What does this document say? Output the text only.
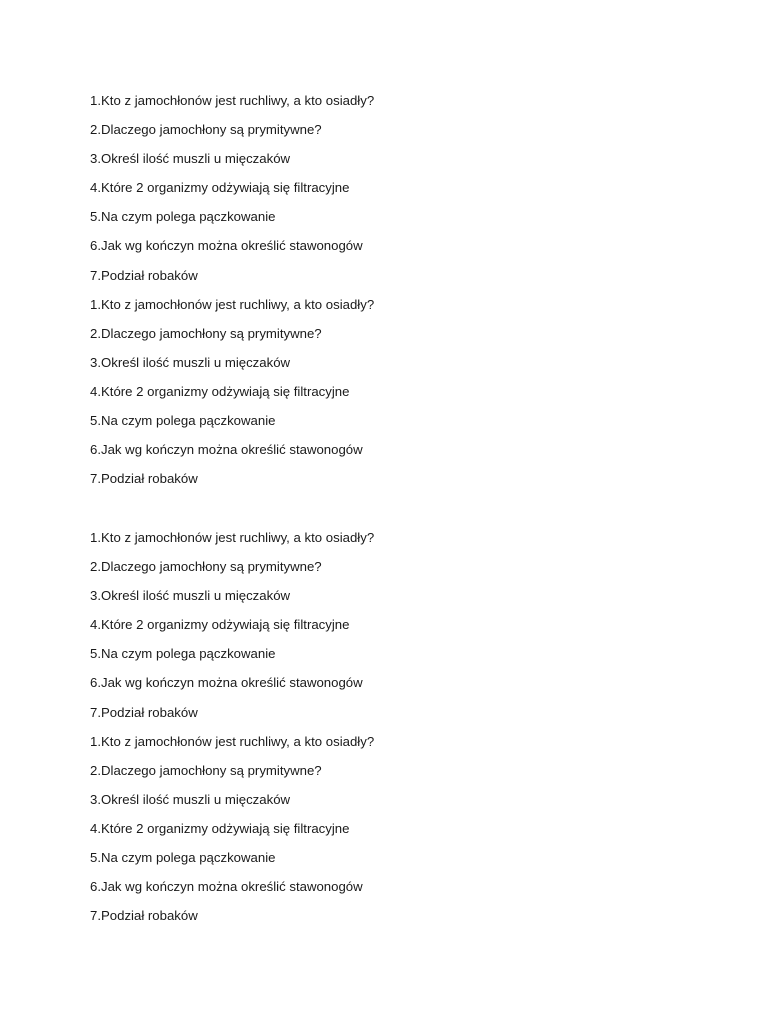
1.Kto z jamochłonów jest ruchliwy, a kto osiadły?
2.Dlaczego jamochłony są prymitywne?
3.Określ ilość muszli u mięczaków
4.Które 2 organizmy odżywiają się filtracyjne
5.Na czym polega pączkowanie
6.Jak wg kończyn można określić stawonogów
7.Podział robaków
1.Kto z jamochłonów jest ruchliwy, a kto osiadły?
2.Dlaczego jamochłony są prymitywne?
3.Określ ilość muszli u mięczaków
4.Które 2 organizmy odżywiają się filtracyjne
5.Na czym polega pączkowanie
6.Jak wg kończyn można określić stawonogów
7.Podział robaków
1.Kto z jamochłonów jest ruchliwy, a kto osiadły?
2.Dlaczego jamochłony są prymitywne?
3.Określ ilość muszli u mięczaków
4.Które 2 organizmy odżywiają się filtracyjne
5.Na czym polega pączkowanie
6.Jak wg kończyn można określić stawonogów
7.Podział robaków
1.Kto z jamochłonów jest ruchliwy, a kto osiadły?
2.Dlaczego jamochłony są prymitywne?
3.Określ ilość muszli u mięczaków
4.Które 2 organizmy odżywiają się filtracyjne
5.Na czym polega pączkowanie
6.Jak wg kończyn można określić stawonogów
7.Podział robaków
